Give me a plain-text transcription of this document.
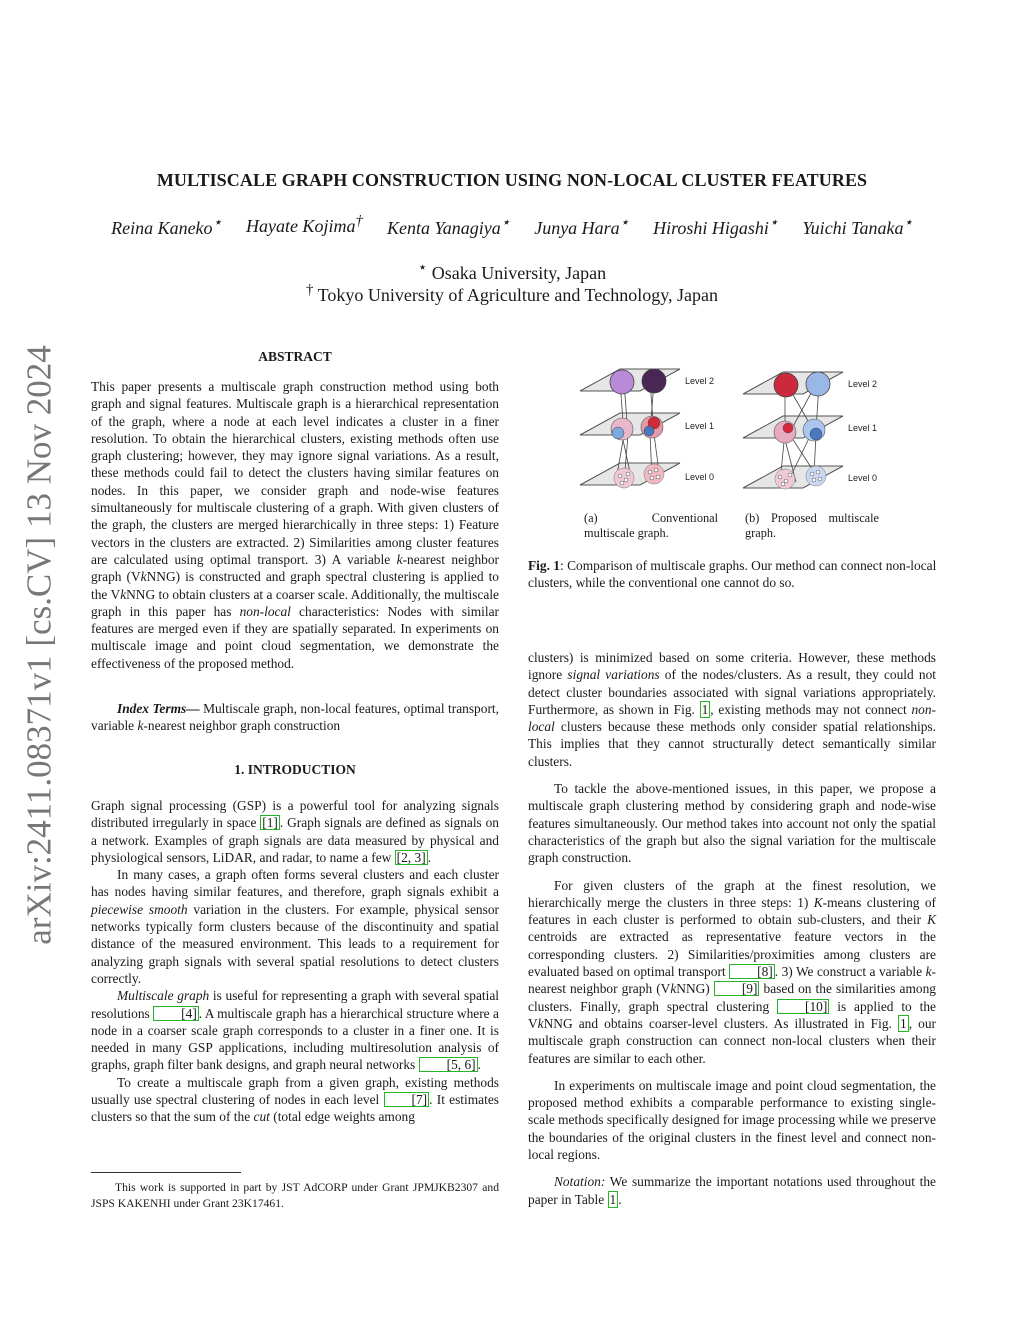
arXiv:2411.08371v1 [cs.CV] 13 Nov 2024
MULTISCALE GRAPH CONSTRUCTION USING NON-LOCAL CLUSTER FEATURES
Reina Kaneko⋆ Hayate Kojima† Kenta Yanagiya⋆ Junya Hara⋆ Hiroshi Higashi⋆ Yuichi Tanaka⋆
⋆ Osaka University, Japan
† Tokyo University of Agriculture and Technology, Japan
ABSTRACT

This paper presents a multiscale graph construction method using both graph and signal features. Multiscale graph is a hierarchical representation of the graph, where a node at each level indicates a cluster in a finer resolution. To obtain the hierarchical clusters, existing methods often use graph clustering; however, they may ignore signal variations. As a result, these methods could fail to detect the clusters having similar features on nodes. In this paper, we consider graph and node-wise features simultaneously for multiscale clustering of a graph. With given clusters of the graph, the clusters are merged hierarchically in three steps: 1) Feature vectors in the clusters are extracted. 2) Similarities among cluster features are calculated using optimal transport. 3) A variable k-nearest neighbor graph (VkNNG) is constructed and graph spectral clustering is applied to the VkNNG to obtain clusters at a coarser scale. Additionally, the multiscale graph in this paper has non-local characteristics: Nodes with similar features are merged even if they are spatially separated. In experiments on multiscale image and point cloud segmentation, we demonstrate the effectiveness of the proposed method.

Index Terms— Multiscale graph, non-local features, optimal transport, variable k-nearest neighbor graph construction

1. INTRODUCTION

Graph signal processing (GSP) is a powerful tool for analyzing signals distributed irregularly in space [1] . Graph signals are defined as signals on a network. Examples of graph signals are data measured by physical and physiological sensors, LiDAR, and radar, to name a few [2, 3] .

In many cases, a graph often forms several clusters and each cluster has nodes having similar features, and therefore, graph signals exhibit a piecewise smooth variation in the clusters. For example, physical sensor networks typically form clusters because of the discontinuity and spatial distance of the measured environment. This leads to a requirement for analyzing graph signals with several spatial resolutions to detect clusters correctly.

Multiscale graph is useful for representing a graph with several spatial resolutions [4] . A multiscale graph has a hierarchical structure where a node in a coarser scale graph corresponds to a cluster in a finer one. It is needed in many GSP applications, including multiresolution analysis of graphs, graph filter bank designs, and graph neural networks [5, 6] .

To create a multiscale graph from a given graph, existing methods usually use spectral clustering of nodes in each level [7] . It estimates clusters so that the sum of the cut (total edge weights among

This work is supported in part by JST AdCORP under Grant JPMJKB2307 and JSPS KAKENHI under Grant 23K17461.
Level 2
Level 1
Level 0
Level 2
Level 1
Level 0
(a) Conventional multiscale graph.
(b) Proposed multiscale graph.
Fig. 1: Comparison of multiscale graphs. Our method can connect non-local clusters, while the conventional one cannot do so.

clusters) is minimized based on some criteria. However, these methods ignore signal variations of the nodes/clusters. As a result, they could not detect cluster boundaries associated with signal variations appropriately. Furthermore, as shown in Fig. 1 , existing methods may not connect non-local clusters because these methods only consider spatial relationships. This implies that they cannot structurally detect semantically similar clusters.

To tackle the above-mentioned issues, in this paper, we propose a multiscale graph clustering method by considering graph and node-wise features simultaneously. Our method takes into account not only the spatial characteristics of the graph but also the signal variation for the multiscale graph construction.

For given clusters of the graph at the finest resolution, we hierarchically merge the clusters in three steps: 1) K-means clustering of features in each cluster is performed to obtain sub-clusters, and their K centroids are extracted as representative feature vectors in the corresponding clusters. 2) Similarities/proximities among clusters are evaluated based on optimal transport [8] . 3) We construct a variable k-nearest neighbor graph (VkNNG) [9] based on the similarities among clusters. Finally, graph spectral clustering [10] is applied to the VkNNG and obtains coarser-level clusters. As illustrated in Fig. 1 , our multiscale graph construction can connect non-local clusters when their features are similar to each other.

In experiments on multiscale image and point cloud segmentation, the proposed method exhibits a comparable performance to existing single-scale methods specifically designed for image processing while we preserve the boundaries of the original clusters in the finest level and connect non-local regions.

Notation: We summarize the important notations used throughout the paper in Table 1 .
